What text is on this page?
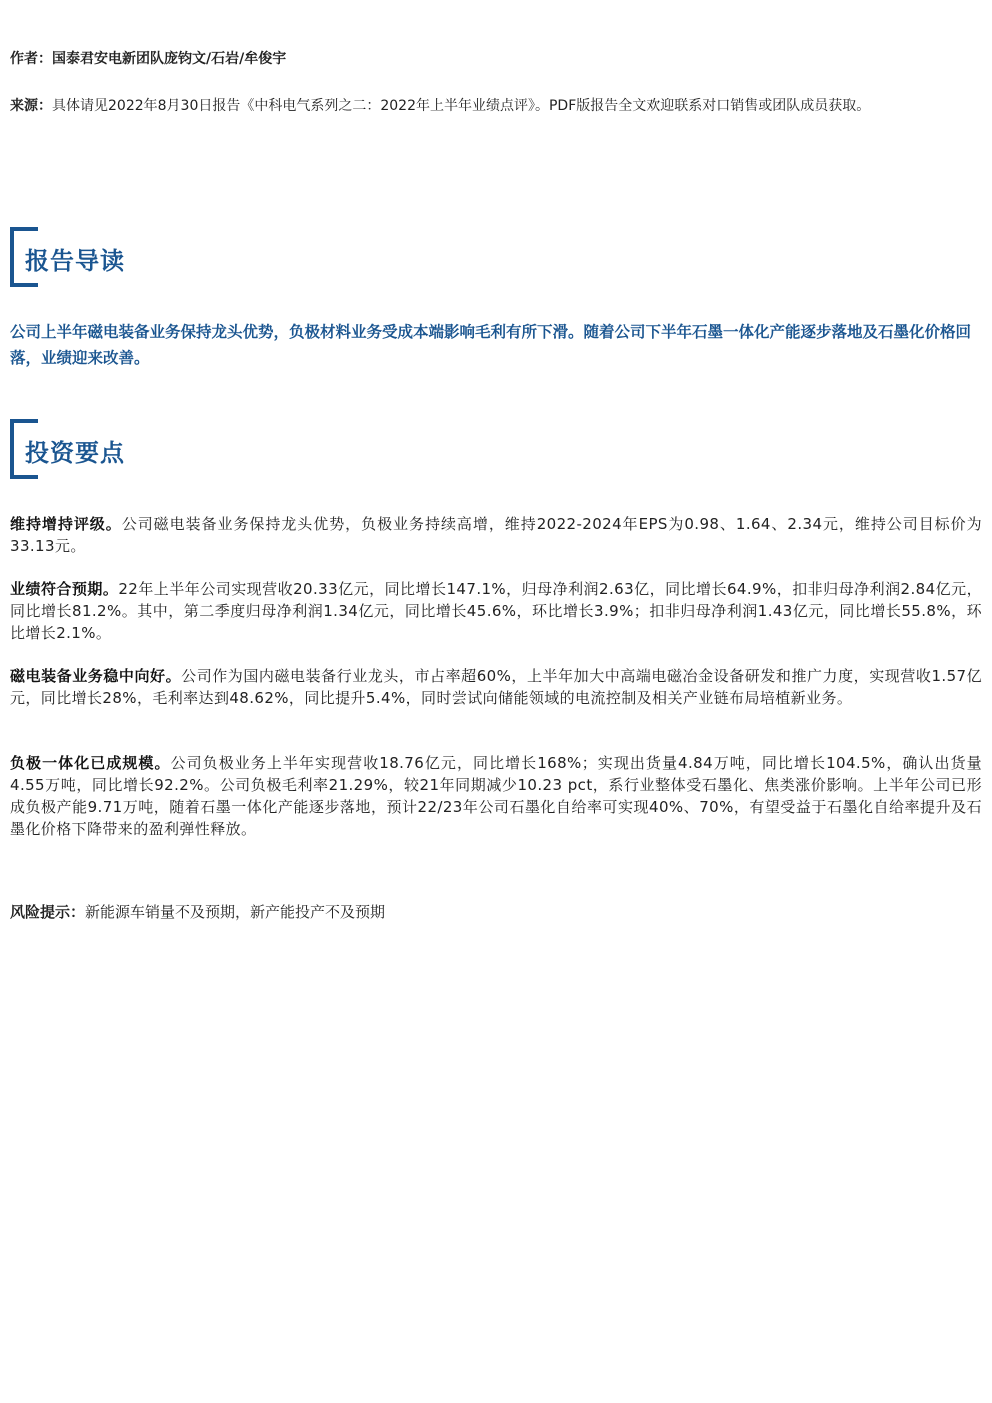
作者：国泰君安电新团队庞钧文/石岩/牟俊宇
来源：具体请见2022年8月30日报告《中科电气系列之二：2022年上半年业绩点评》。PDF版报告全文欢迎联系对口销售或团队成员获取。
报告导读
公司上半年磁电装备业务保持龙头优势，负极材料业务受成本端影响毛利有所下滑。随着公司下半年石墨一体化产能逐步落地及石墨化价格回落，业绩迎来改善。
投资要点
维持增持评级。公司磁电装备业务保持龙头优势，负极业务持续高增，维持2022-2024年EPS为0.98、1.64、2.34元，维持公司目标价为33.13元。
业绩符合预期。22年上半年公司实现营收20.33亿元，同比增长147.1%，归母净利润2.63亿，同比增长64.9%，扣非归母净利润2.84亿元，同比增长81.2%。其中，第二季度归母净利润1.34亿元，同比增长45.6%，环比增长3.9%；扣非归母净利润1.43亿元，同比增长55.8%，环比增长2.1%。
磁电装备业务稳中向好。公司作为国内磁电装备行业龙头，市占率超60%，上半年加大中高端电磁冶金设备研发和推广力度，实现营收1.57亿元，同比增长28%，毛利率达到48.62%，同比提升5.4%，同时尝试向储能领域的电流控制及相关产业链布局培植新业务。
负极一体化已成规模。公司负极业务上半年实现营收18.76亿元，同比增长168%；实现出货量4.84万吨，同比增长104.5%，确认出货量4.55万吨，同比增长92.2%。公司负极毛利率21.29%，较21年同期减少10.23 pct，系行业整体受石墨化、焦类涨价影响。上半年公司已形成负极产能9.71万吨，随着石墨一体化产能逐步落地，预计22/23年公司石墨化自给率可实现40%、70%，有望受益于石墨化自给率提升及石墨化价格下降带来的盈利弹性释放。
风险提示：新能源车销量不及预期，新产能投产不及预期
